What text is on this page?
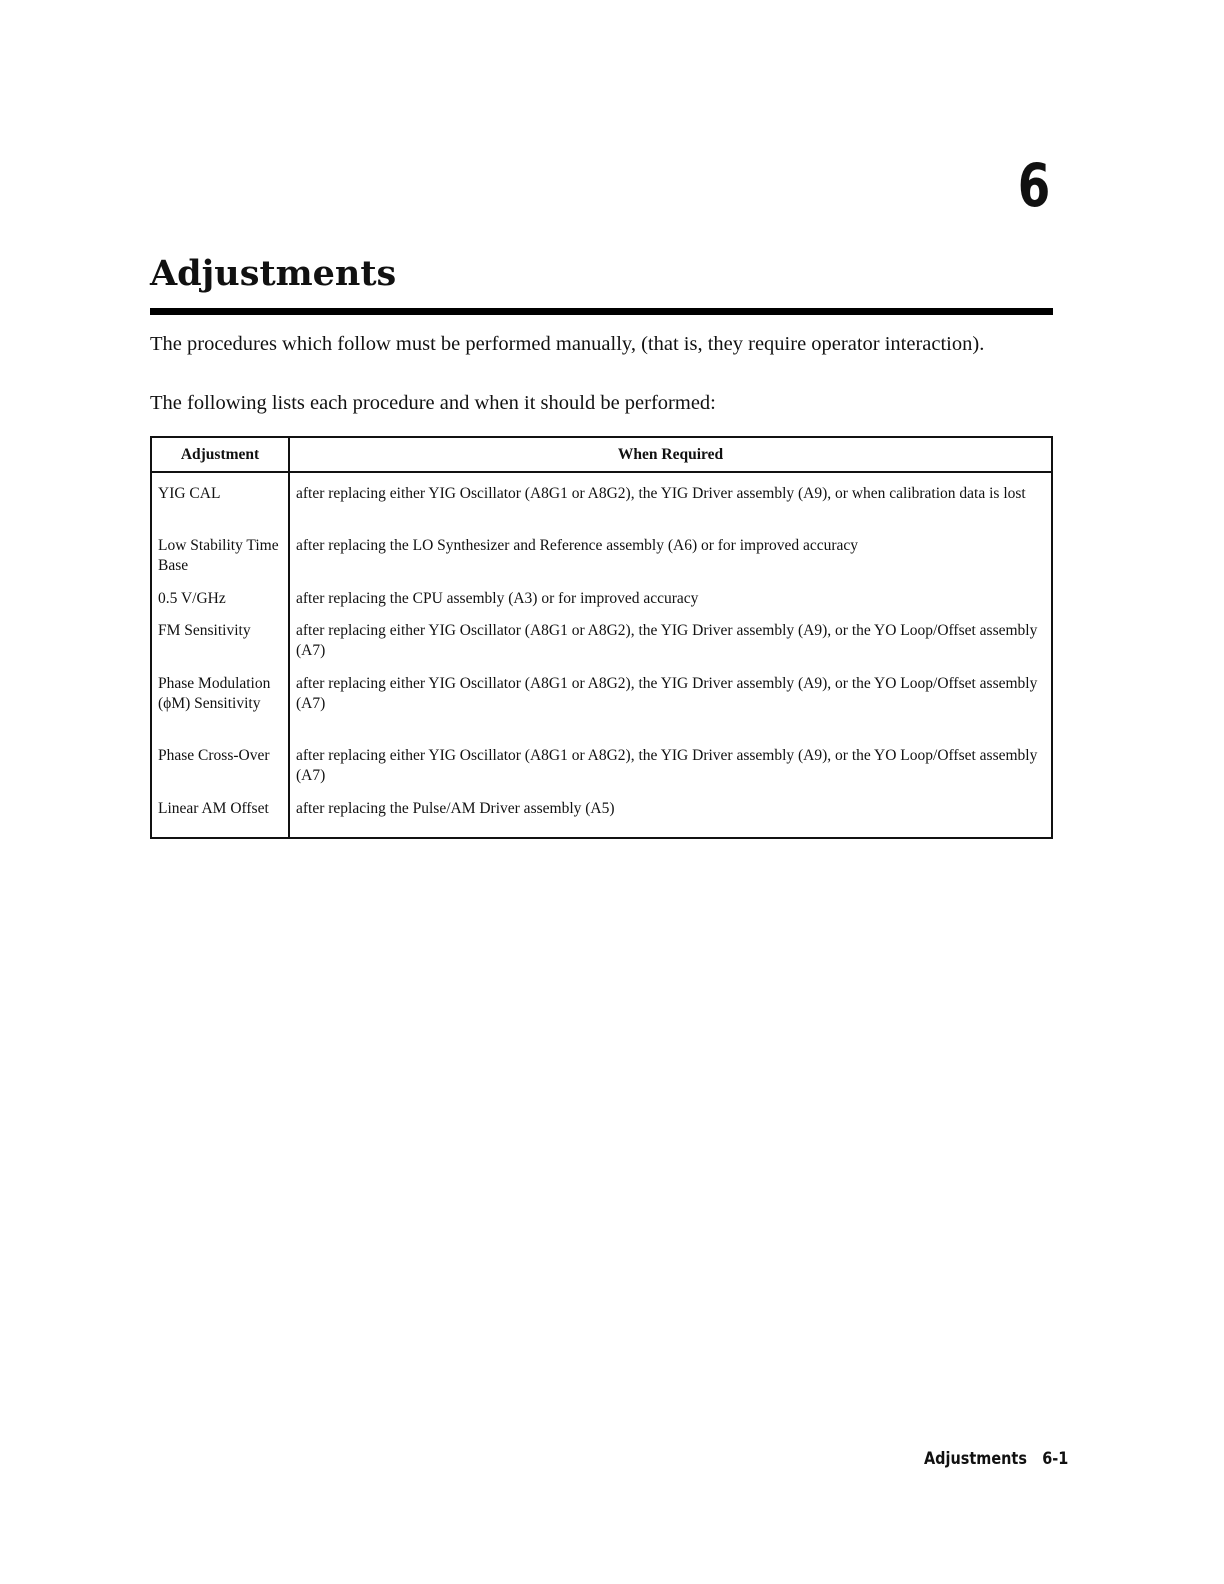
6
Adjustments

The procedures which follow must be performed manually, (that is, they require operator interaction).

The following lists each procedure and when it should be performed:

Adjustment	When Required
YIG CAL	after replacing either YIG Oscillator (A8G1 or A8G2), the YIG Driver assembly (A9), or when calibration data is lost
Low Stability Time Base	after replacing the LO Synthesizer and Reference assembly (A6) or for improved accuracy
0.5 V/GHz	after replacing the CPU assembly (A3) or for improved accuracy
FM Sensitivity	after replacing either YIG Oscillator (A8G1 or A8G2), the YIG Driver assembly (A9), or the YO Loop/Offset assembly (A7)
Phase Modulation (ϕM) Sensitivity	after replacing either YIG Oscillator (A8G1 or A8G2), the YIG Driver assembly (A9), or the YO Loop/Offset assembly (A7)
Phase Cross-Over	after replacing either YIG Oscillator (A8G1 or A8G2), the YIG Driver assembly (A9), or the YO Loop/Offset assembly (A7)
Linear AM Offset	after replacing the Pulse/AM Driver assembly (A5)
Adjustments 6-1
